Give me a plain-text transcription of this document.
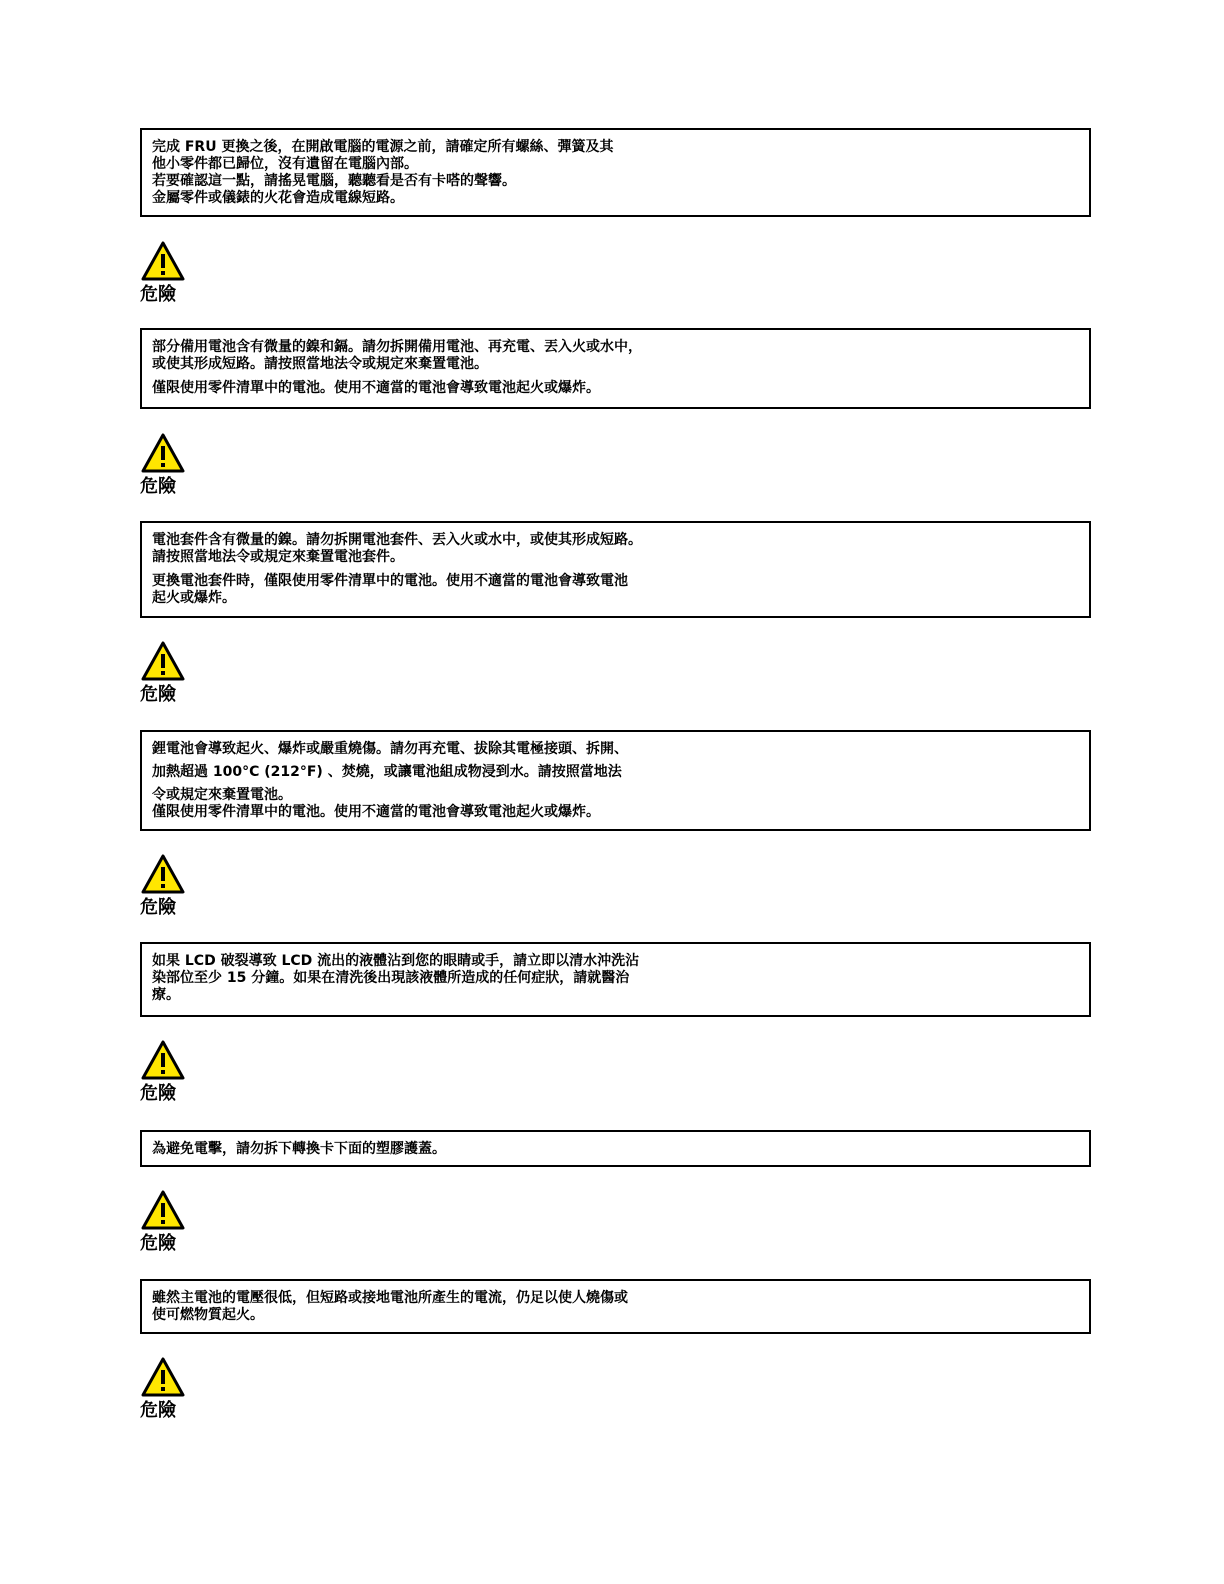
完成 FRU 更換之後，在開啟電腦的電源之前，請確定所有螺絲、彈簧及其

他小零件都已歸位，沒有遺留在電腦內部。

若要確認這一點，請搖晃電腦，聽聽看是否有卡嗒的聲響。

金屬零件或儀錶的火花會造成電線短路。

危險

部分備用電池含有微量的鎳和鎘。請勿拆開備用電池、再充電、丟入火或水中，

或使其形成短路。請按照當地法令或規定來棄置電池。

僅限使用零件清單中的電池。使用不適當的電池會導致電池起火或爆炸。

危險

電池套件含有微量的鎳。請勿拆開電池套件、丟入火或水中，或使其形成短路。

請按照當地法令或規定來棄置電池套件。

更換電池套件時，僅限使用零件清單中的電池。使用不適當的電池會導致電池

起火或爆炸。

危險

鋰電池會導致起火、爆炸或嚴重燒傷。請勿再充電、拔除其電極接頭、拆開、

加熱超過 100°C (212°F) 、焚燒，或讓電池組成物浸到水。請按照當地法

令或規定來棄置電池。

僅限使用零件清單中的電池。使用不適當的電池會導致電池起火或爆炸。

危險

如果 LCD 破裂導致 LCD 流出的液體沾到您的眼睛或手，請立即以清水沖洗沾

染部位至少 15 分鐘。如果在清洗後出現該液體所造成的任何症狀，請就醫治

療。

危險

為避免電擊，請勿拆下轉換卡下面的塑膠護蓋。

危險

雖然主電池的電壓很低，但短路或接地電池所產生的電流，仍足以使人燒傷或

使可燃物質起火。

危險
